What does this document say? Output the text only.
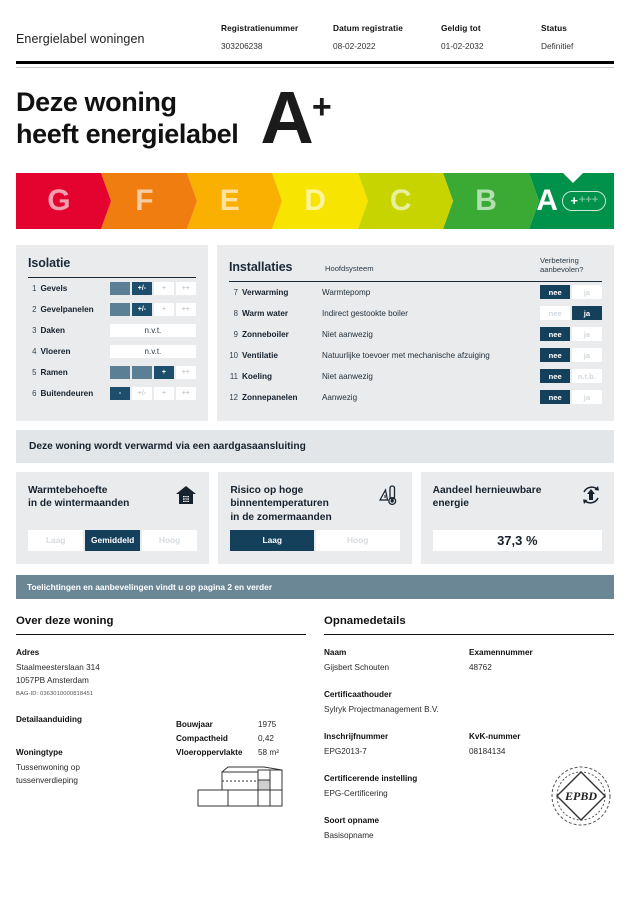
Energielabel woningen
Registratienummer
303206238
Datum registratie
08-02-2022
Geldig tot
01-02-2032
Status
Definitief
Deze woning
heeft energielabel A +
G F E D C B A + +++
Isolatie
1 Gevels	-	+/-	+	++
2 Gevelpanelen	-	+/-	+	++
3 Daken	n.v.t.
4 Vloeren	n.v.t.
5 Ramen	-	+/-	+	++
6 Buitendeuren	-	+/-	+	++
Installaties	Hoofdsysteem
Verbetering
aanbevolen?
7 Verwarming	Warmtepomp	nee	ja
8 Warm water	Indirect gestookte boiler	nee	ja
9 Zonneboiler	Niet aanwezig	nee	ja
10 Ventilatie	Natuurlijke toevoer met mechanische afzuiging	nee	ja
11 Koeling	Niet aanwezig	nee	n.t.b.
12 Zonnepanelen	Aanwezig	nee	ja
Deze woning wordt verwarmd via een aardgasaansluiting
Warmtebehoefte
in de wintermaanden
Laag	Gemiddeld	Hoog
Risico op hoge
binnentemperaturen
in de zomermaanden
Laag	Hoog
Aandeel hernieuwbare
energie
37,3 %
Toelichtingen en aanbevelingen vindt u op pagina 2 en verder
Over deze woning
Adres
Staalmeesterslaan 314
1057PB Amsterdam
BAG-ID: 0363010000818451
Detailaanduiding
Bouwjaar	1975
Compactheid	0,42
Vloeroppervlakte	58 m²
Woningtype
Tussenwoning op
tussenverdieping
Opnamedetails
Naam
Gijsbert Schouten
Examennummer
48762
Certificaathouder
Sylryk Projectmanagement B.V.
Inschrijfnummer
EPG2013-7
KvK-nummer
08184134
Certificerende instelling
EPG-Certificering
Soort opname
Basisopname
EPBD
